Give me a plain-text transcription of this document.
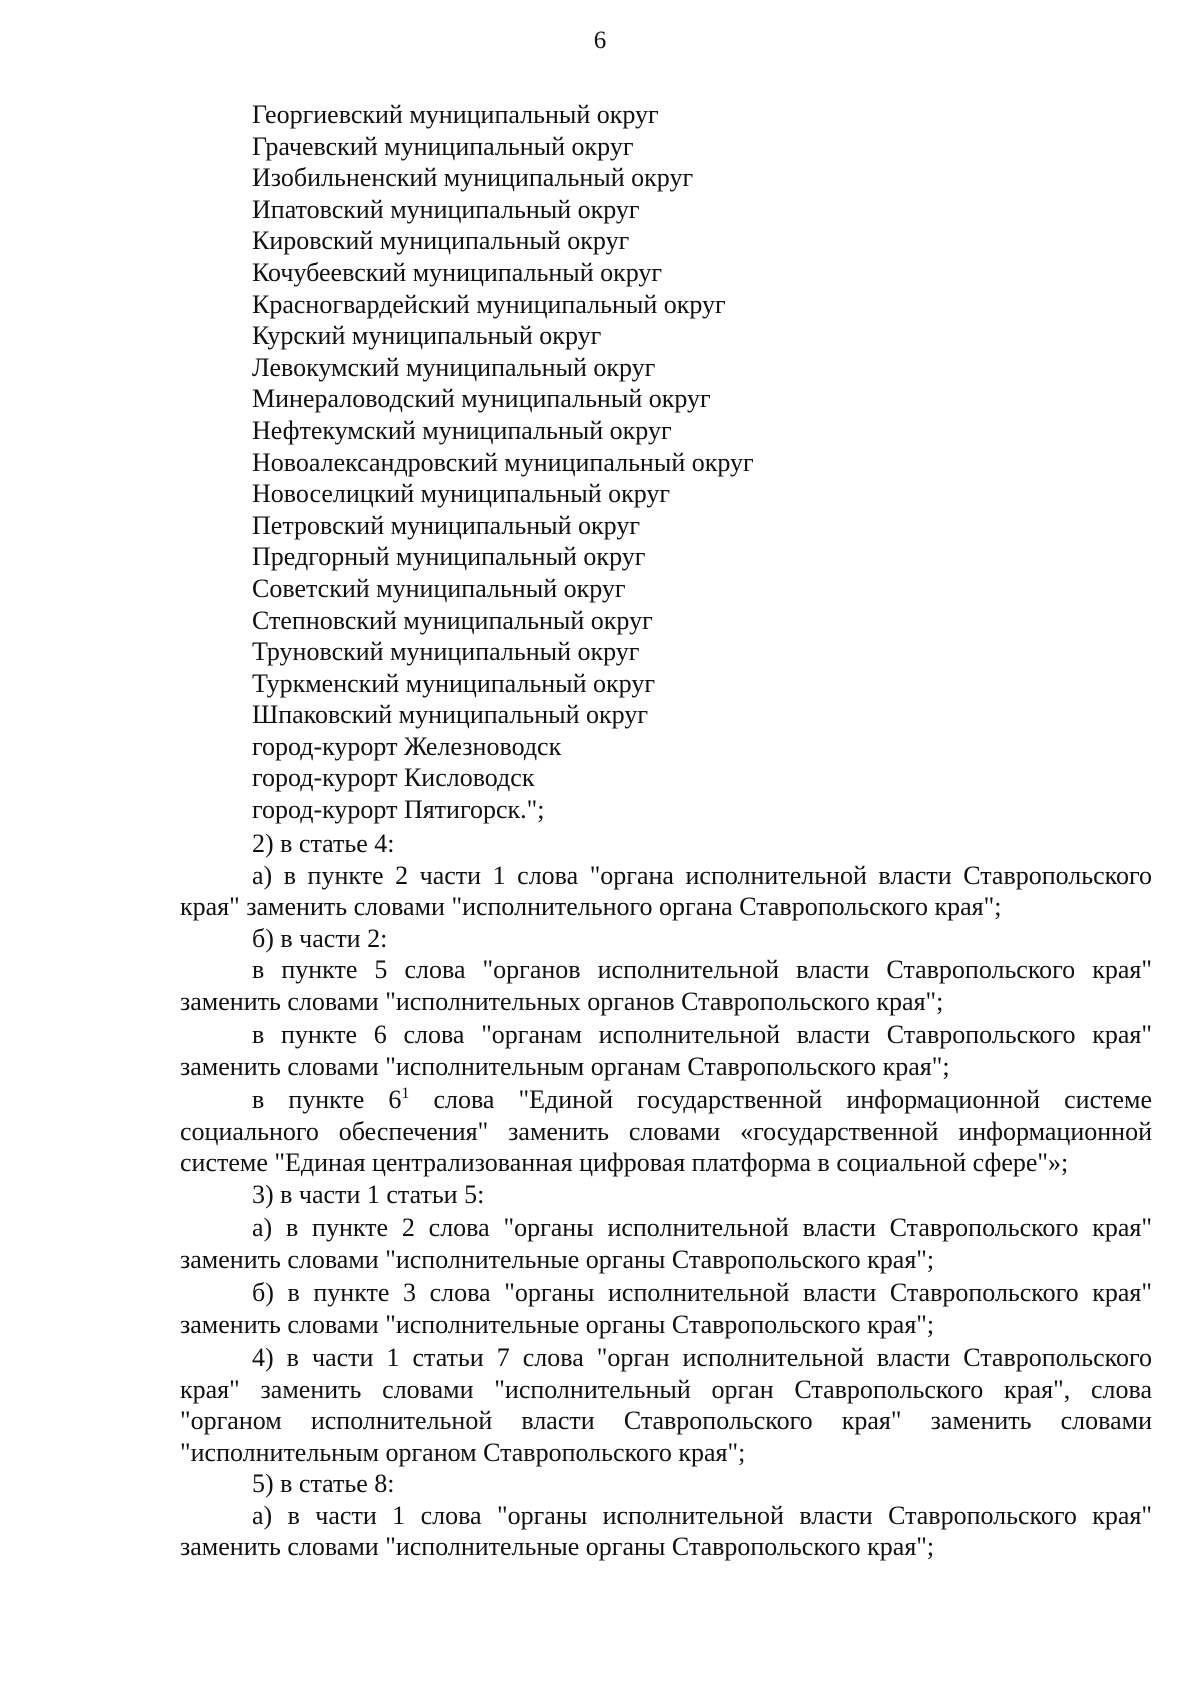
6
Георгиевский муниципальный округ
Грачевский муниципальный округ
Изобильненский муниципальный округ
Ипатовский муниципальный округ
Кировский муниципальный округ
Кочубеевский муниципальный округ
Красногвардейский муниципальный округ
Курский муниципальный округ
Левокумский муниципальный округ
Минераловодский муниципальный округ
Нефтекумский муниципальный округ
Новоалександровский муниципальный округ
Новоселицкий муниципальный округ
Петровский муниципальный округ
Предгорный муниципальный округ
Советский муниципальный округ
Степновский муниципальный округ
Труновский муниципальный округ
Туркменский муниципальный округ
Шпаковский муниципальный округ
город-курорт Железноводск
город-курорт Кисловодск
город-курорт Пятигорск.";
2) в статье 4:
а) в пункте 2 части 1 слова "органа исполнительной власти Ставропольского края" заменить словами "исполнительного органа Ставропольского края";
б) в части 2:
в пункте 5 слова "органов исполнительной власти Ставропольского края" заменить словами "исполнительных органов Ставропольского края";
в пункте 6 слова "органам исполнительной власти Ставропольского края" заменить словами "исполнительным органам Ставропольского края";
в пункте $6^1$ слова "Единой государственной информационной системе социального обеспечения" заменить словами «государственной информационной системе "Единая централизованная цифровая платформа в социальной сфере"»;
3) в части 1 статьи 5:
а) в пункте 2 слова "органы исполнительной власти Ставропольского края" заменить словами "исполнительные органы Ставропольского края";
б) в пункте 3 слова "органы исполнительной власти Ставропольского края" заменить словами "исполнительные органы Ставропольского края";
4) в части 1 статьи 7 слова "орган исполнительной власти Ставропольского края" заменить словами "исполнительный орган Ставропольского края", слова "органом исполнительной власти Ставропольского края" заменить словами "исполнительным органом Ставропольского края";
5) в статье 8:
а) в части 1 слова "органы исполнительной власти Ставропольского края" заменить словами "исполнительные органы Ставропольского края";
